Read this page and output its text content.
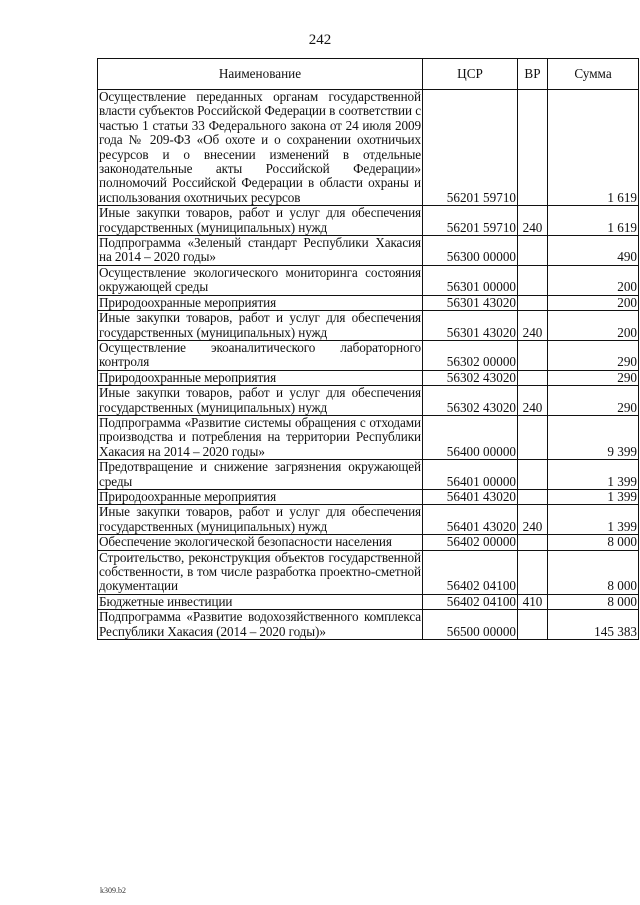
242
Наименование	ЦСР	ВР	Сумма
Осуществление переданных органам государственной власти субъектов Российской Федерации в соответствии с частью 1 статьи 33 Федерального закона от 24 июля 2009 года № 209-ФЗ «Об охоте и о сохранении охотничьих ресурсов и о внесении изменений в отдельные законодательные акты Российской Федерации» полномочий Российской Федерации в области охраны и использования охотничьих ресурсов	56201 59710		1 619
Иные закупки товаров, работ и услуг для обеспечения государственных (муниципальных) нужд	56201 59710	240	1 619
Подпрограмма «Зеленый стандарт Республики Хакасия на 2014 – 2020 годы»	56300 00000		490
Осуществление экологического мониторинга состояния окружающей среды	56301 00000		200
Природоохранные мероприятия	56301 43020		200
Иные закупки товаров, работ и услуг для обеспечения государственных (муниципальных) нужд	56301 43020	240	200
Осуществление экоаналитического лабораторного контроля	56302 00000		290
Природоохранные мероприятия	56302 43020		290
Иные закупки товаров, работ и услуг для обеспечения государственных (муниципальных) нужд	56302 43020	240	290
Подпрограмма «Развитие системы обращения с отходами производства и потребления на территории Республики Хакасия на 2014 – 2020 годы»	56400 00000		9 399
Предотвращение и снижение загрязнения окружающей среды	56401 00000		1 399
Природоохранные мероприятия	56401 43020		1 399
Иные закупки товаров, работ и услуг для обеспечения государственных (муниципальных) нужд	56401 43020	240	1 399
Обеспечение экологической безопасности населения	56402 00000		8 000
Строительство, реконструкция объектов государственной собственности, в том числе разработка проектно-сметной документации	56402 04100		8 000
Бюджетные инвестиции	56402 04100	410	8 000
Подпрограмма «Развитие водохозяйственного комплекса Республики Хакасия (2014 – 2020 годы)»	56500 00000		145 383
k309.b2
